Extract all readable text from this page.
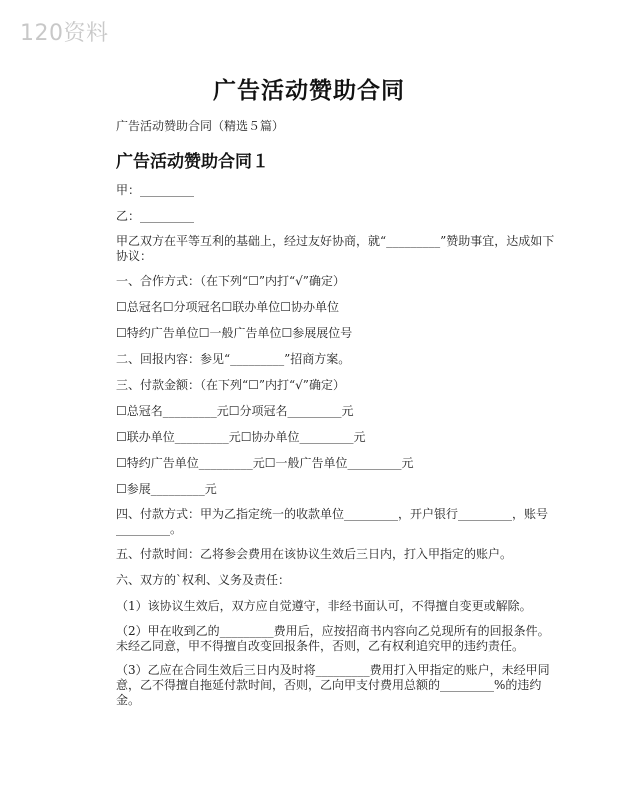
120资料
广告活动赞助合同
广告活动赞助合同（精选５篇）
广告活动赞助合同１
甲：_________
乙：_________
甲乙双方在平等互利的基础上，经过友好协商，就“_________”赞助事宜，达成如下协议：
一、合作方式：（在下列“☐”内打“√”确定）
☐总冠名☐分项冠名☐联办单位☐协办单位
☐特约广告单位☐一般广告单位☐参展展位号
二、回报内容：参见“_________”招商方案。
三、付款金额：（在下列“☐”内打“√”确定）
☐总冠名_________元☐分项冠名_________元
☐联办单位_________元☐协办单位_________元
☐特约广告单位_________元☐一般广告单位_________元
☐参展_________元
四、付款方式：甲为乙指定统一的收款单位_________，开户银行_________，账号_________。
五、付款时间：乙将参会费用在该协议生效后三日内，打入甲指定的账户。
六、双方的`权利、义务及责任：
（1）该协议生效后，双方应自觉遵守，非经书面认可，不得擅自变更或解除。
（2）甲在收到乙的_________费用后，应按招商书内容向乙兑现所有的回报条件。未经乙同意，甲不得擅自改变回报条件，否则，乙有权利追究甲的违约责任。
（3）乙应在合同生效后三日内及时将_________费用打入甲指定的账户，未经甲同意，乙不得擅自拖延付款时间，否则，乙向甲支付费用总额的_________%的违约金。
